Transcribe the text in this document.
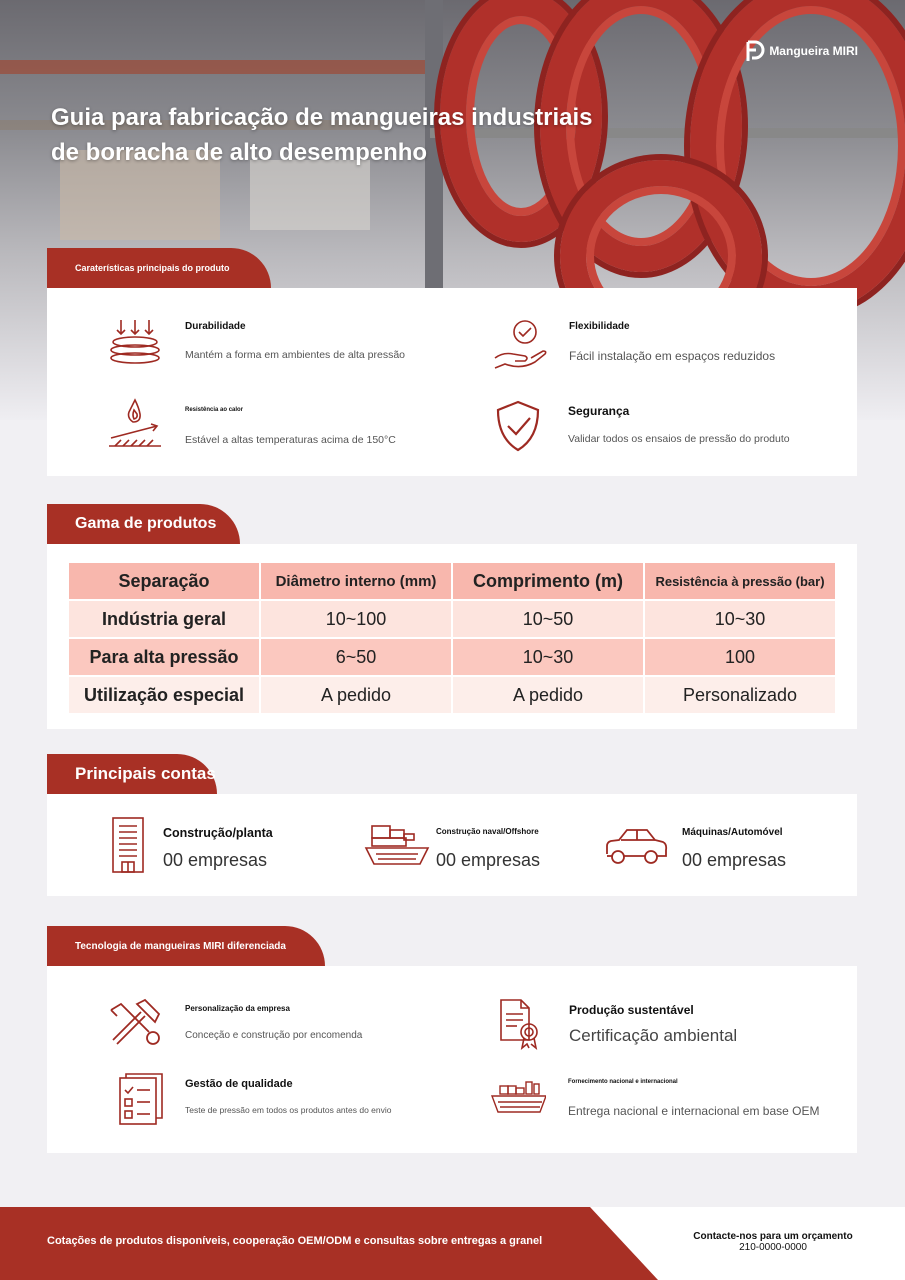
Mangueira MIRI
Guia para fabricação de mangueiras industriais
de borracha de alto desempenho
Caraterísticas principais do produto
Durabilidade
Mantém a forma em ambientes de alta pressão
Flexibilidade
Fácil instalação em espaços reduzidos
Resistência ao calor
Estável a altas temperaturas acima de 150°C
Segurança
Validar todos os ensaios de pressão do produto
Gama de produtos
Separação	Diâmetro interno (mm)	Comprimento (m)	Resistência à pressão (bar)
Indústria geral	10~100	10~50	10~30
Para alta pressão	6~50	10~30	100
Utilização especial	A pedido	A pedido	Personalizado
Principais contas
Construção/planta
00 empresas
Construção naval/Offshore
00 empresas
Máquinas/Automóvel
00 empresas
Tecnologia de mangueiras MIRI diferenciada
Personalização da empresa
Conceção e construção por encomenda
Produção sustentável
Certificação ambiental
Gestão de qualidade
Teste de pressão em todos os produtos antes do envio
Fornecimento nacional e internacional
Entrega nacional e internacional em base OEM
Cotações de produtos disponíveis, cooperação OEM/ODM e consultas sobre entregas a granel	Contacte-nos para um orçamento
210-0000-0000
